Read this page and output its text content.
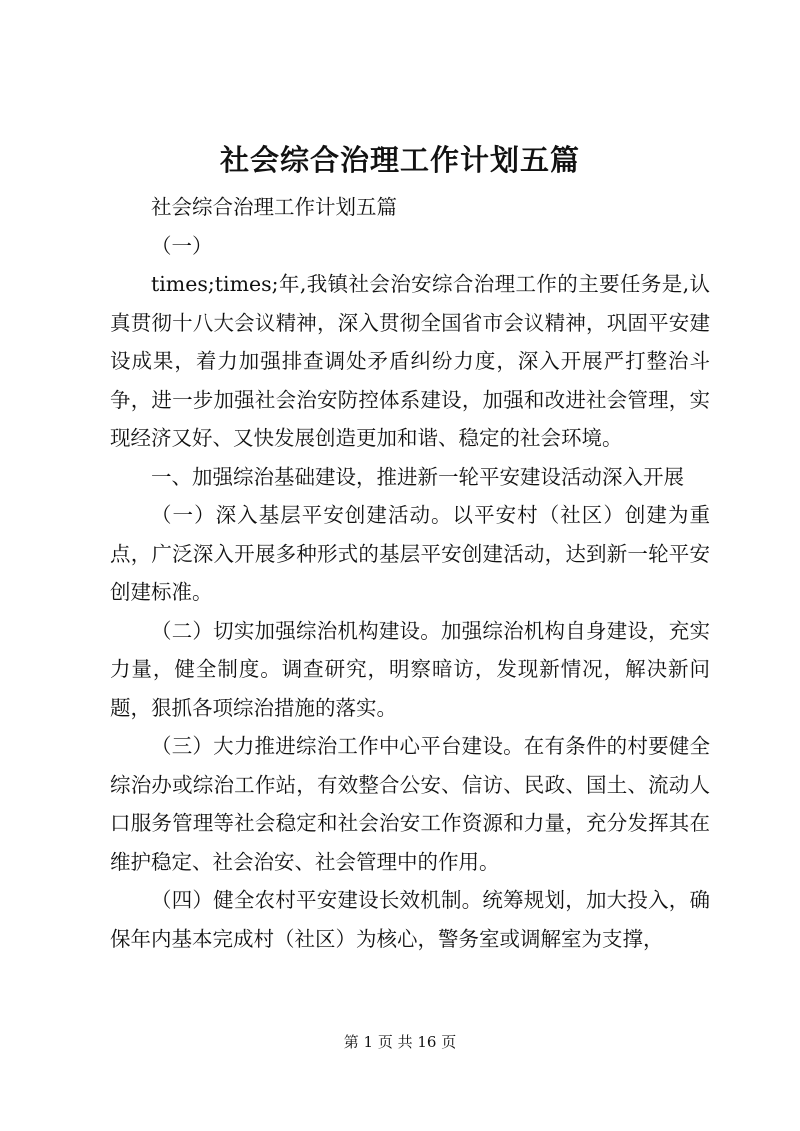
社会综合治理工作计划五篇

社会综合治理工作计划五篇

（一）

times;times;年,我镇社会治安综合治理工作的主要任务是,认真贯彻十八大会议精神，深入贯彻全国省市会议精神，巩固平安建设成果，着力加强排查调处矛盾纠纷力度，深入开展严打整治斗争，进一步加强社会治安防控体系建设，加强和改进社会管理，实现经济又好、又快发展创造更加和谐、稳定的社会环境。

一、加强综治基础建设，推进新一轮平安建设活动深入开展

（一）深入基层平安创建活动。以平安村（社区）创建为重点，广泛深入开展多种形式的基层平安创建活动，达到新一轮平安创建标准。

（二）切实加强综治机构建设。加强综治机构自身建设，充实力量，健全制度。调查研究，明察暗访，发现新情况，解决新问题，狠抓各项综治措施的落实。

（三）大力推进综治工作中心平台建设。在有条件的村要健全综治办或综治工作站，有效整合公安、信访、民政、国土、流动人口服务管理等社会稳定和社会治安工作资源和力量，充分发挥其在维护稳定、社会治安、社会管理中的作用。

（四）健全农村平安建设长效机制。统筹规划，加大投入，确保年内基本完成村（社区）为核心，警务室或调解室为支撑，

第 1 页 共 16 页
